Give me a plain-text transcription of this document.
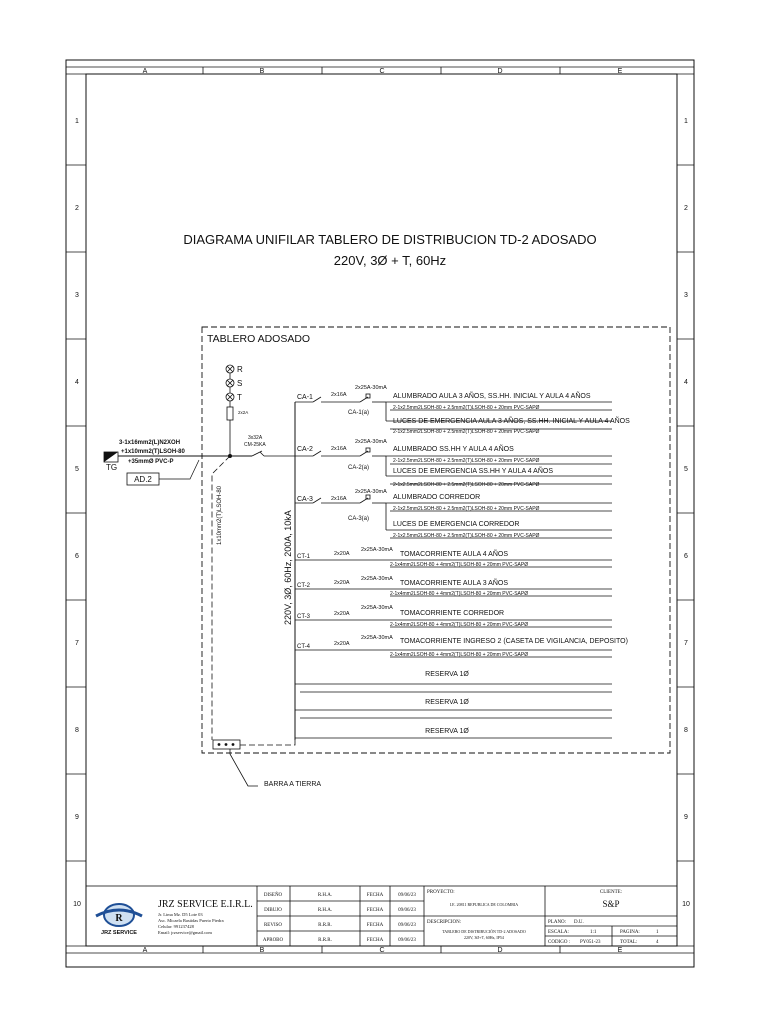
A	B	C	D	E
A	B	C	D	E
1
2
3
4
5
6
7
8
9
10
1
2
3
4
5
6
7
8
9
10
DIAGRAMA UNIFILAR TABLERO DE DISTRIBUCION TD-2 ADOSADO
220V, 3Ø + T, 60Hz
TABLERO ADOSADO
R
S
T
2x2A
TG
3-1x16mm2(L)N2XOH
+1x10mm2(T)LSOH-80
+35mmØ PVC-P
AD.2
3x32A
CM-25KA
220V, 3Ø, 60Hz, 200A, 10kA
1x10mm2(T)LSOH-80
BARRA A TIERRA
CA-1	2x16A
2x25A-30mA
CA-1(a)
ALUMBRADO AULA 3 AÑOS, SS.HH. INICIAL Y AULA 4 AÑOS
2-1x2.5mm2LSOH-80 + 2.5mm2(T)LSOH-80 + 20mm PVC-SAPØ
LUCES DE EMERGENCIA AULA 3 AÑOS, SS.HH. INICIAL Y AULA 4 AÑOS
2-1x2.5mm2LSOH-80 + 2.5mm2(T)LSOH-80 + 20mm PVC-SAPØ
CA-2	2x16A
2x25A-30mA
CA-2(a)
ALUMBRADO SS.HH Y AULA 4 AÑOS
2-1x2.5mm2LSOH-80 + 2.5mm2(T)LSOH-80 + 20mm PVC-SAPØ
LUCES DE EMERGENCIA SS.HH Y AULA 4 AÑOS
2-1x2.5mm2LSOH-80 + 2.5mm2(T)LSOH-80 + 20mm PVC-SAPØ
CA-3	2x16A
2x25A-30mA
CA-3(a)
ALUMBRADO CORREDOR
2-1x2.5mm2LSOH-80 + 2.5mm2(T)LSOH-80 + 20mm PVC-SAPØ
LUCES DE EMERGENCIA CORREDOR
2-1x2.5mm2LSOH-80 + 2.5mm2(T)LSOH-80 + 20mm PVC-SAPØ
CT-1	2x20A
2x25A-30mA
TOMACORRIENTE AULA 4 AÑOS
2-1x4mm2LSOH-80 + 4mm2(T)LSOH-80 + 20mm PVC-SAPØ
CT-2	2x20A
2x25A-30mA
TOMACORRIENTE AULA 3 AÑOS
2-1x4mm2LSOH-80 + 4mm2(T)LSOH-80 + 20mm PVC-SAPØ
CT-3	2x20A
2x25A-30mA
TOMACORRIENTE CORREDOR
2-1x4mm2LSOH-80 + 4mm2(T)LSOH-80 + 20mm PVC-SAPØ
CT-4	2x20A
2x25A-30mA TOMACORRIENTE INGRESO 2 (CASETA DE VIGILANCIA, DEPOSITO)
2-1x4mm2LSOH-80 + 4mm2(T)LSOH-80 + 20mm PVC-SAPØ
RESERVA 1Ø
RESERVA 1Ø
RESERVA 1Ø
R
JRZ SERVICE
JRZ SERVICE E.I.R.L.
Jr. Lima Mz. D5 Lote 03
Asc. Micaela Bastidas Puerto Piedra
Celular: 991237428
Email: jrzservice@gmail.com
DISEÑO	R.H.A.	FECHA	09/06/23
DIBUJO	R.H.A.	FECHA	09/06/23
REVISO	R.R.R.	FECHA	09/06/23
APROBO	R.R.R.	FECHA	09/06/23
PROYECTO:
I.E. 20811 REPUBLICA DE COLOMBIA
DESCRIPCION:
TABLERO DE DISTRIBUCIÓN TD-2 ADOSADO
220V, 3Ø+T, 60Hz, IP54
CLIENTE:
S&P
PLANO: D.U.
ESCALA:	1:1	PAGINA:	1
CODIGO : PY051-23	TOTAL:	4
